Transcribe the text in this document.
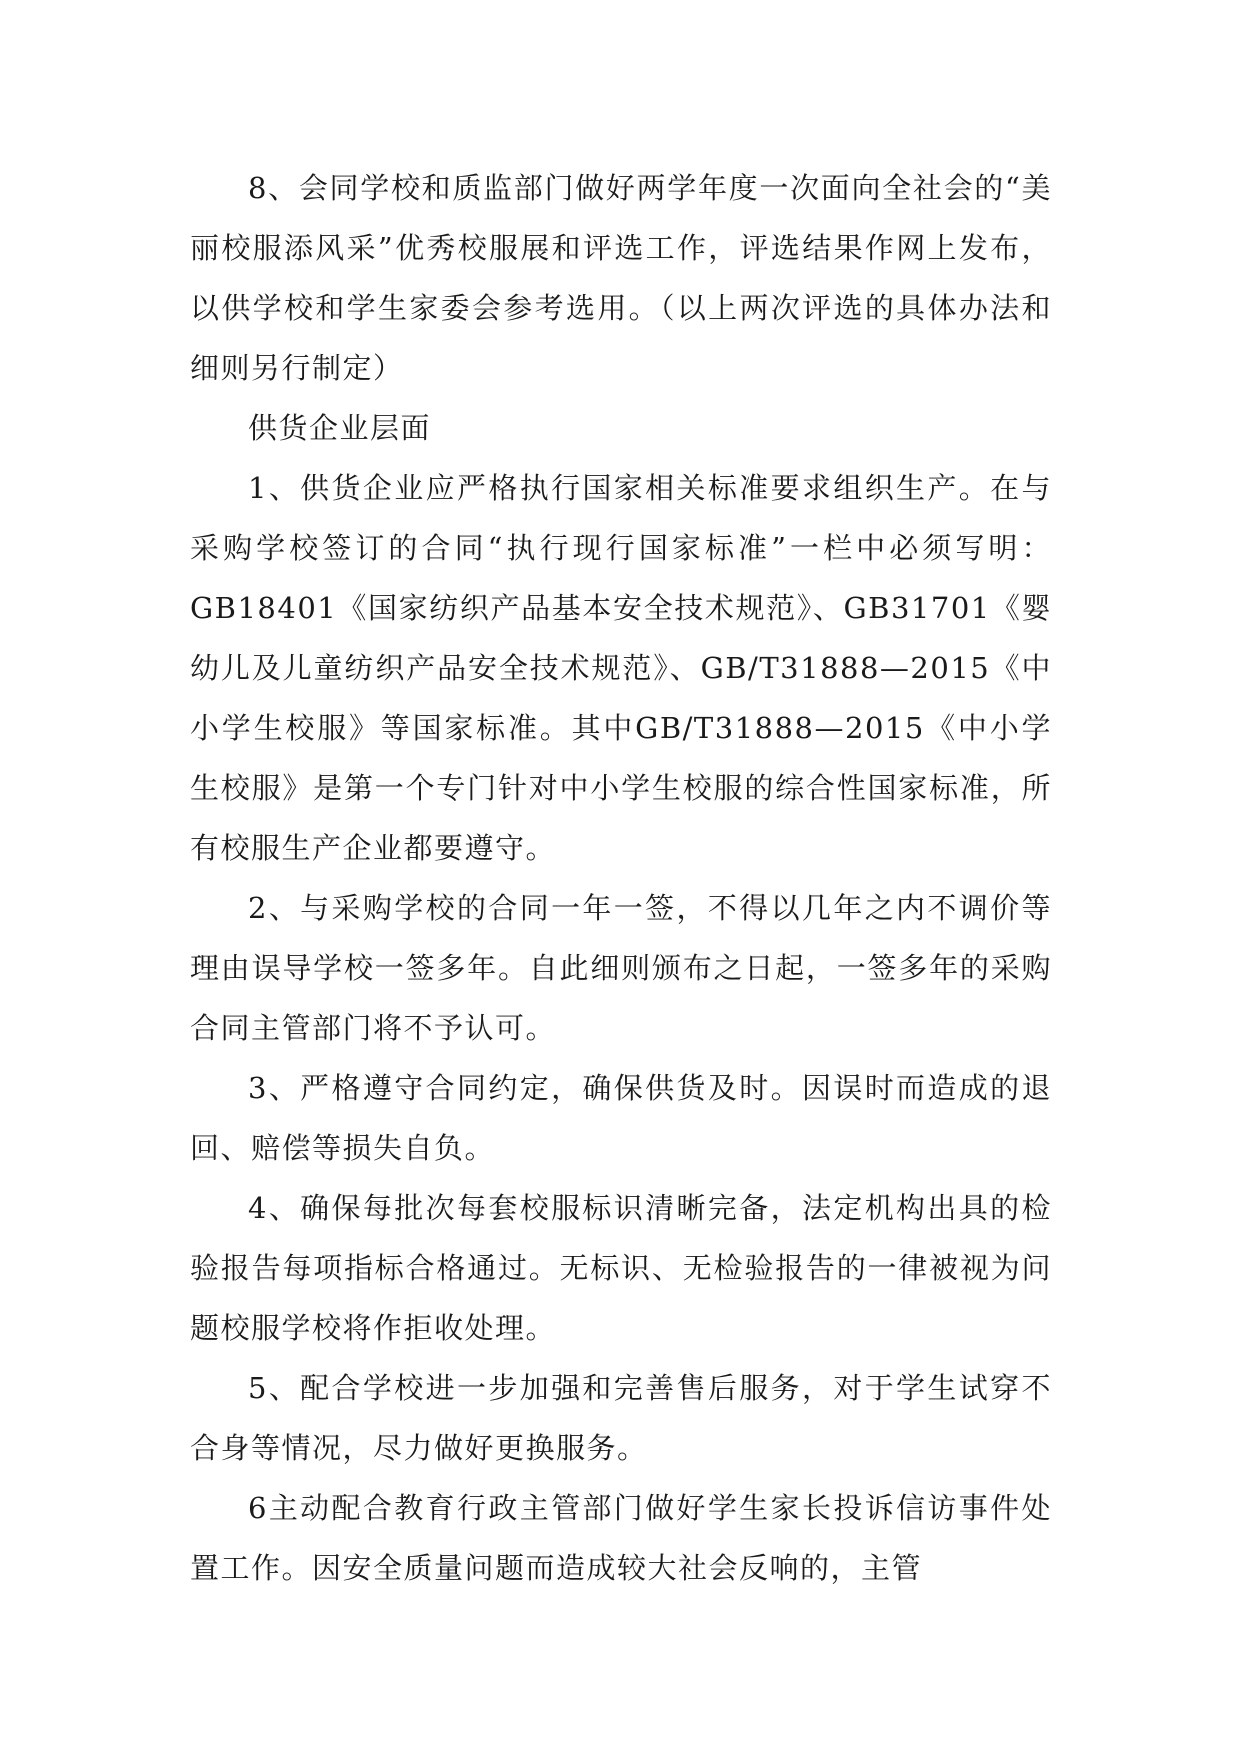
8、会同学校和质监部门做好两学年度一次面向全社会的“美丽校服添风采”优秀校服展和评选工作，评选结果作网上发布，以供学校和学生家委会参考选用。（以上两次评选的具体办法和细则另行制定）

供货企业层面

1、供货企业应严格执行国家相关标准要求组织生产。在与采购学校签订的合同“执行现行国家标准”一栏中必须写明：GB18401《国家纺织产品基本安全技术规范》、GB31701《婴幼儿及儿童纺织产品安全技术规范》、GB/T31888—2015《中小学生校服》等国家标准。其中GB/T31888—2015《中小学生校服》是第一个专门针对中小学生校服的综合性国家标准，所有校服生产企业都要遵守。

2、与采购学校的合同一年一签，不得以几年之内不调价等理由误导学校一签多年。自此细则颁布之日起，一签多年的采购合同主管部门将不予认可。

3、严格遵守合同约定，确保供货及时。因误时而造成的退回、赔偿等损失自负。

4、确保每批次每套校服标识清晰完备，法定机构出具的检验报告每项指标合格通过。无标识、无检验报告的一律被视为问题校服学校将作拒收处理。

5、配合学校进一步加强和完善售后服务，对于学生试穿不合身等情况，尽力做好更换服务。

6主动配合教育行政主管部门做好学生家长投诉信访事件处置工作。因安全质量问题而造成较大社会反响的，主管
